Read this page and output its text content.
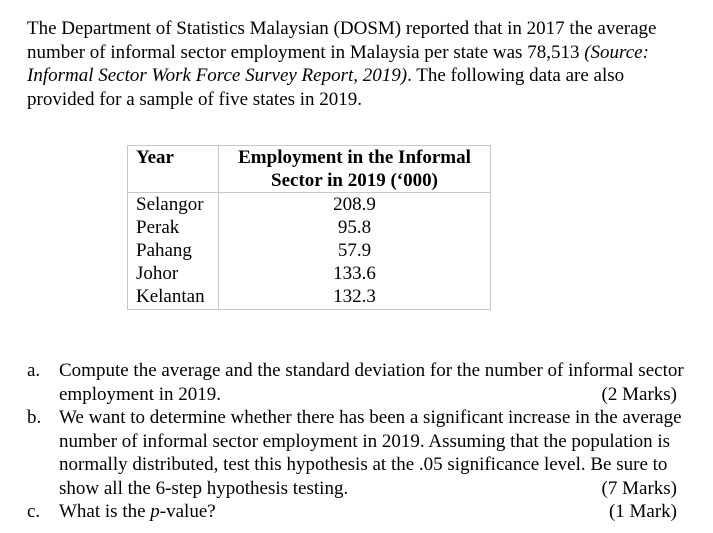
The Department of Statistics Malaysian (DOSM) reported that in 2017 the average number of informal sector employment in Malaysia per state was 78,513 (Source: Informal Sector Work Force Survey Report, 2019). The following data are also provided for a sample of five states in 2019.

Year	Employment in the Informal
Sector in 2019 (‘000)
Selangor	208.9
Perak	95.8
Pahang	57.9
Johor	133.6
Kelantan	132.3
a. Compute the average and the standard deviation for the number of informal sector employment in 2019.	(2 Marks)
b. We want to determine whether there has been a significant increase in the average number of informal sector employment in 2019. Assuming that the population is normally distributed, test this hypothesis at the .05 significance level. Be sure to show all the 6-step hypothesis testing.	(7 Marks)
c. What is the p-value?	(1 Mark)
